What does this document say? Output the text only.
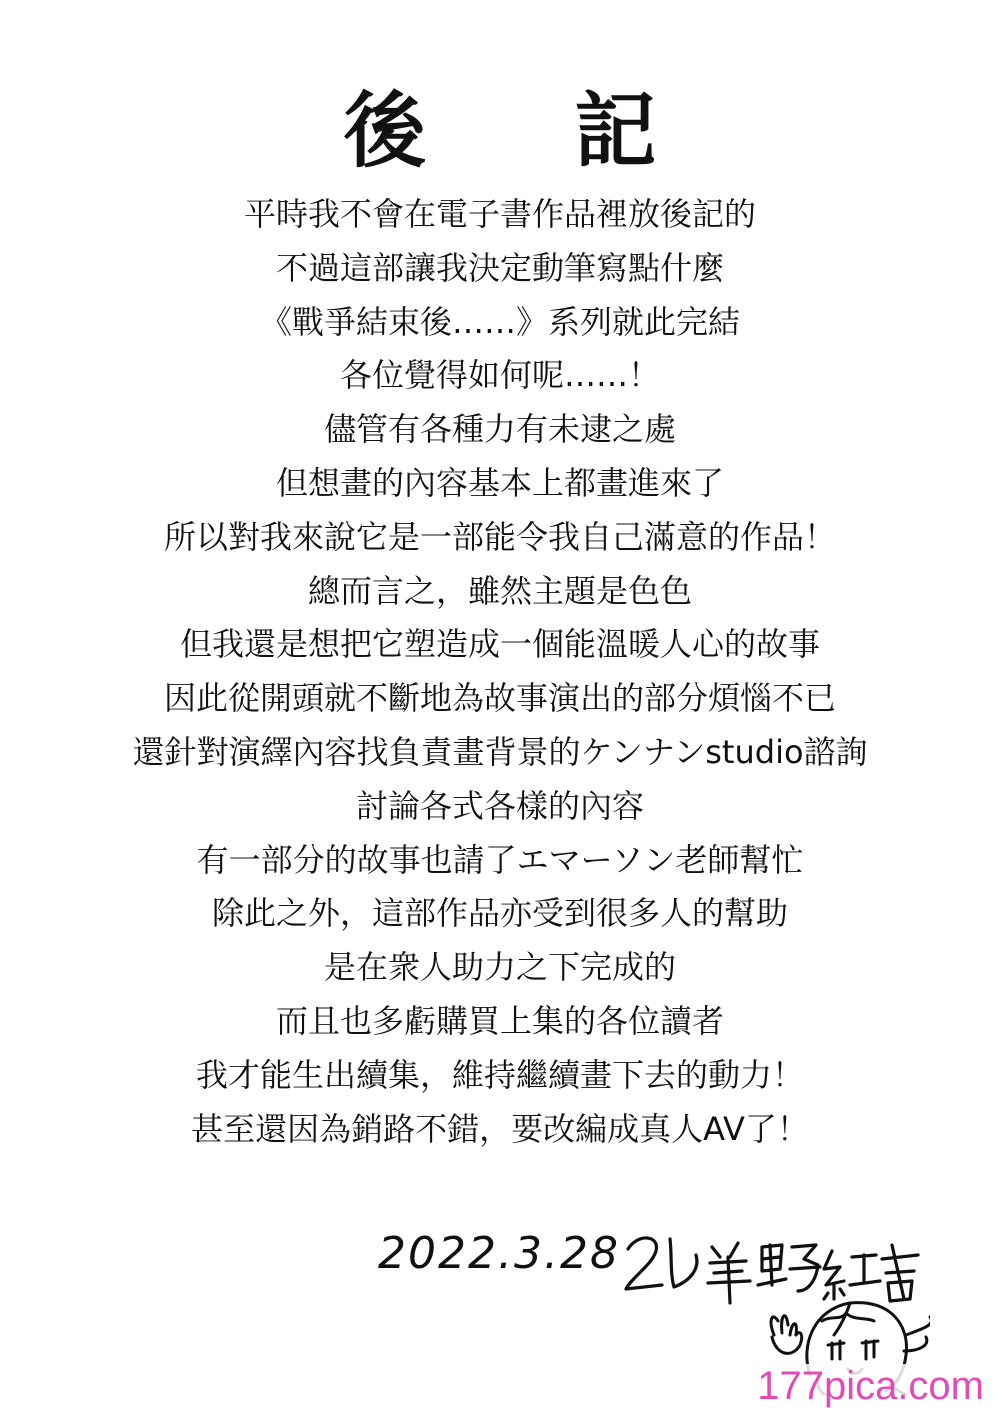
後 記
平時我不會在電子書作品裡放後記的
不過這部讓我決定動筆寫點什麼
《戰爭結束後……》系列就此完結
各位覺得如何呢……！
儘管有各種力有未逮之處
但想畫的內容基本上都畫進來了
所以對我來說它是一部能令我自己滿意的作品！
總而言之，雖然主題是色色
但我還是想把它塑造成一個能溫暖人心的故事
因此從開頭就不斷地為故事演出的部分煩惱不已
還針對演繹內容找負責畫背景的ケンナンstudio諮詢
討論各式各樣的內容
有一部分的故事也請了エマーソン老師幫忙
除此之外，這部作品亦受到很多人的幫助
是在衆人助力之下完成的
而且也多虧購買上集的各位讀者
我才能生出續集，維持繼續畫下去的動力！
甚至還因為銷路不錯，要改編成真人AV了！
2022.3.28
177pica.com
